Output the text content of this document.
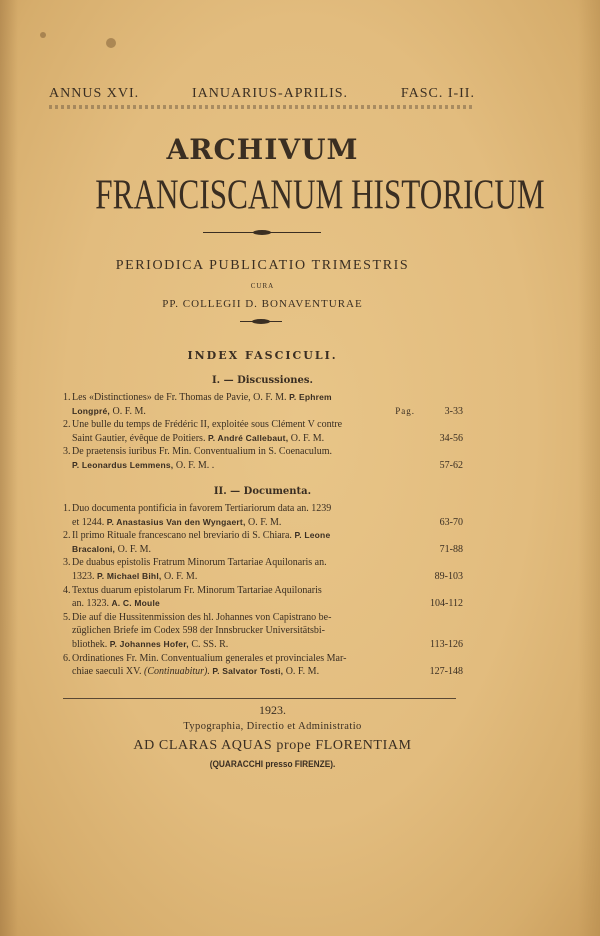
ANNUS XVI.	IANUARIUS-APRILIS.	FASC. I-II.
ARCHIVUM
FRANCISCANUM HISTORICUM
PERIODICA PUBLICATIO TRIMESTRIS
CURA
PP. COLLEGII D. BONAVENTURAE
INDEX FASCICULI.
I. — Discussiones.
1. Les «Distinctiones» de Fr. Thomas de Pavie, O. F. M. P. Ephrem
Longpré, O. F. M.	Pag.	3-33
2. Une bulle du temps de Frédéric II, exploitée sous Clément V contre
Saint Gautier, évêque de Poitiers. P. André Callebaut, O. F. M.	34-56
3. De praetensis iuribus Fr. Min. Conventualium in S. Coenaculum.
P. Leonardus Lemmens, O. F. M. .	57-62
II. — Documenta.
1. Duo documenta pontificia in favorem Tertiariorum data an. 1239
et 1244. P. Anastasius Van den Wyngaert, O. F. M.	63-70
2. Il primo Rituale francescano nel breviario di S. Chiara. P. Leone
Bracaloni, O. F. M.	71-88
3. De duabus epistolis Fratrum Minorum Tartariae Aquilonaris an.
1323. P. Michael Bihl, O. F. M.	89-103
4. Textus duarum epistolarum Fr. Minorum Tartariae Aquilonaris
an. 1323. A. C. Moule	104-112
5. Die auf die Hussitenmission des hl. Johannes von Capistrano be-
züglichen Briefe im Codex 598 der Innsbrucker Universitätsbi-
bliothek. P. Johannes Hofer, C. SS. R.	113-126
6. Ordinationes Fr. Min. Conventualium generales et provinciales Mar-
chiae saeculi XV. (Continuabitur). P. Salvator Tosti, O. F. M.	127-148
1923.
Typographia, Directio et Administratio
AD CLARAS AQUAS prope FLORENTIAM
(QUARACCHI presso FIRENZE).
